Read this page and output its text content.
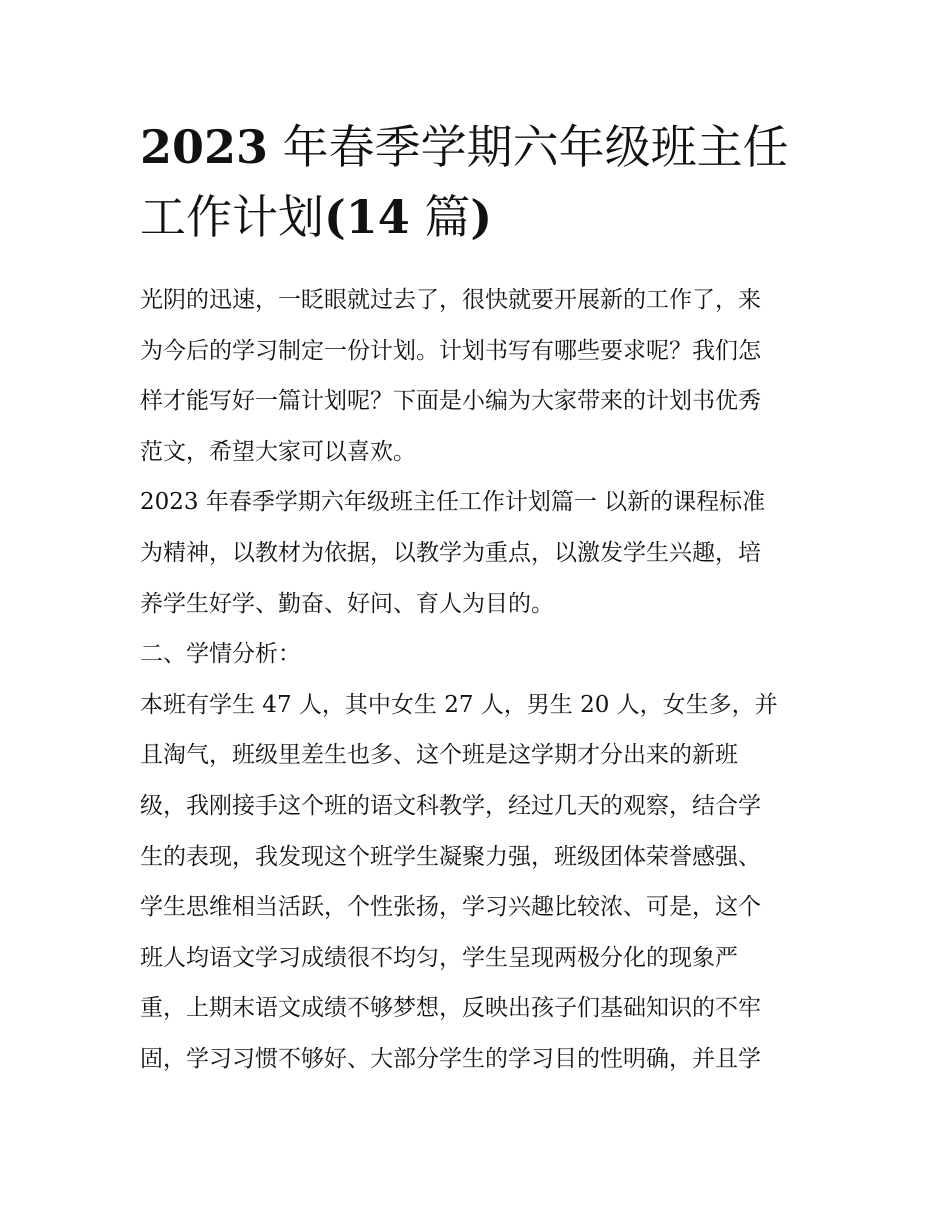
2023 年春季学期六年级班主任
工作计划(14 篇)

光阴的迅速，一眨眼就过去了，很快就要开展新的工作了，来
为今后的学习制定一份计划。计划书写有哪些要求呢？我们怎
样才能写好一篇计划呢？下面是小编为大家带来的计划书优秀
范文，希望大家可以喜欢。

2023 年春季学期六年级班主任工作计划篇一 以新的课程标准
为精神，以教材为依据，以教学为重点，以激发学生兴趣，培
养学生好学、勤奋、好问、育人为目的。

二、学情分析：

本班有学生 47 人，其中女生 27 人，男生 20 人，女生多，并
且淘气，班级里差生也多、这个班是这学期才分出来的新班
级，我刚接手这个班的语文科教学，经过几天的观察，结合学
生的表现，我发现这个班学生凝聚力强，班级团体荣誉感强、
学生思维相当活跃，个性张扬，学习兴趣比较浓、可是，这个
班人均语文学习成绩很不均匀，学生呈现两极分化的现象严
重，上期末语文成绩不够梦想，反映出孩子们基础知识的不牢
固，学习习惯不够好、大部分学生的学习目的性明确，并且学
